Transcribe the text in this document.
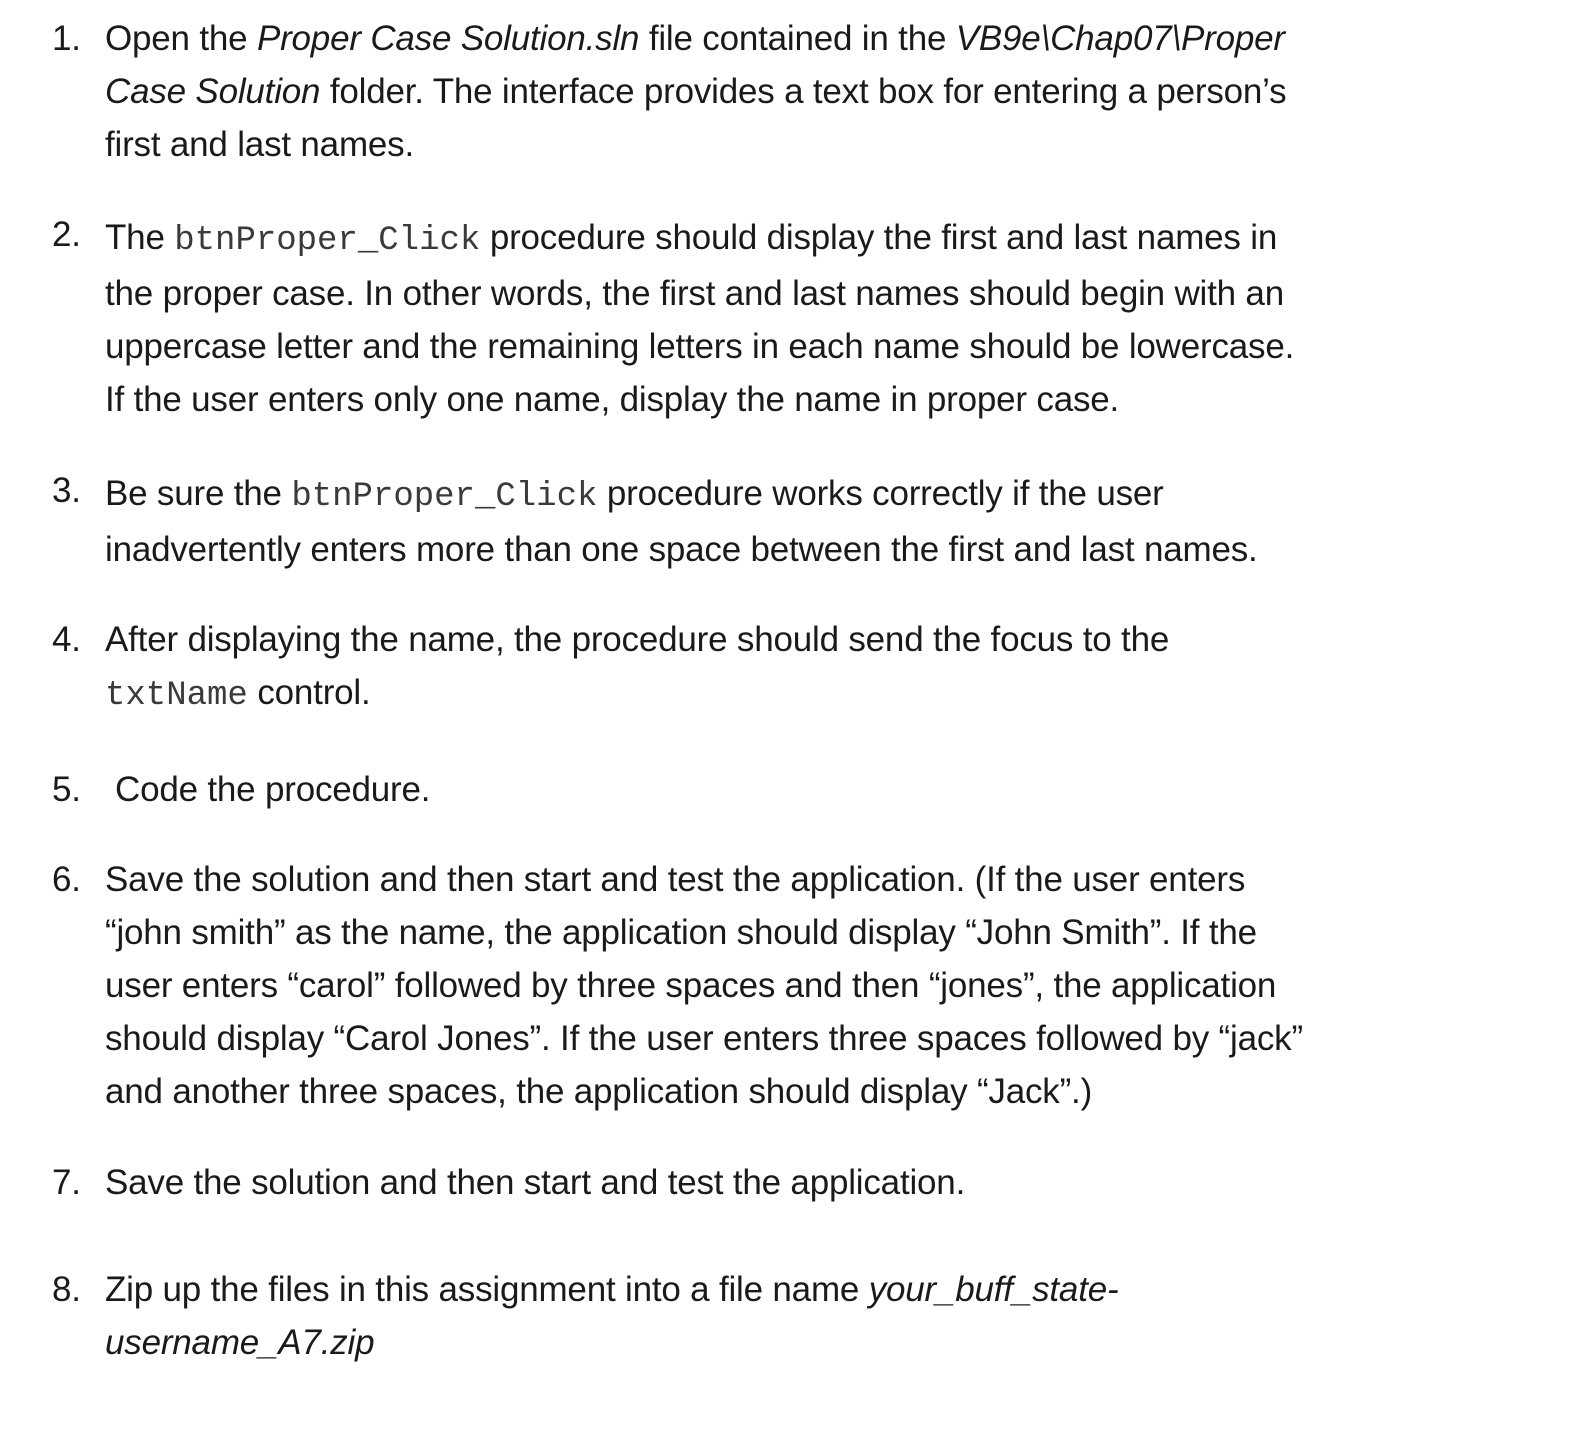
1. Open the Proper Case Solution.sln file contained in the VB9e\Chap07\Proper
Case Solution folder. The interface provides a text box for entering a person’s
first and last names.
2. The btnProper_Click procedure should display the first and last names in
the proper case. In other words, the first and last names should begin with an
uppercase letter and the remaining letters in each name should be lowercase.
If the user enters only one name, display the name in proper case.
3. Be sure the btnProper_Click procedure works correctly if the user
inadvertently enters more than one space between the first and last names.
4. After displaying the name, the procedure should send the focus to the
txtName control.
5. Code the procedure.
6. Save the solution and then start and test the application. (If the user enters
“john smith” as the name, the application should display “John Smith”. If the
user enters “carol” followed by three spaces and then “jones”, the application
should display “Carol Jones”. If the user enters three spaces followed by “jack”
and another three spaces, the application should display “Jack”.)
7. Save the solution and then start and test the application.
8. Zip up the files in this assignment into a file name your_buff_state-
username_A7.zip
